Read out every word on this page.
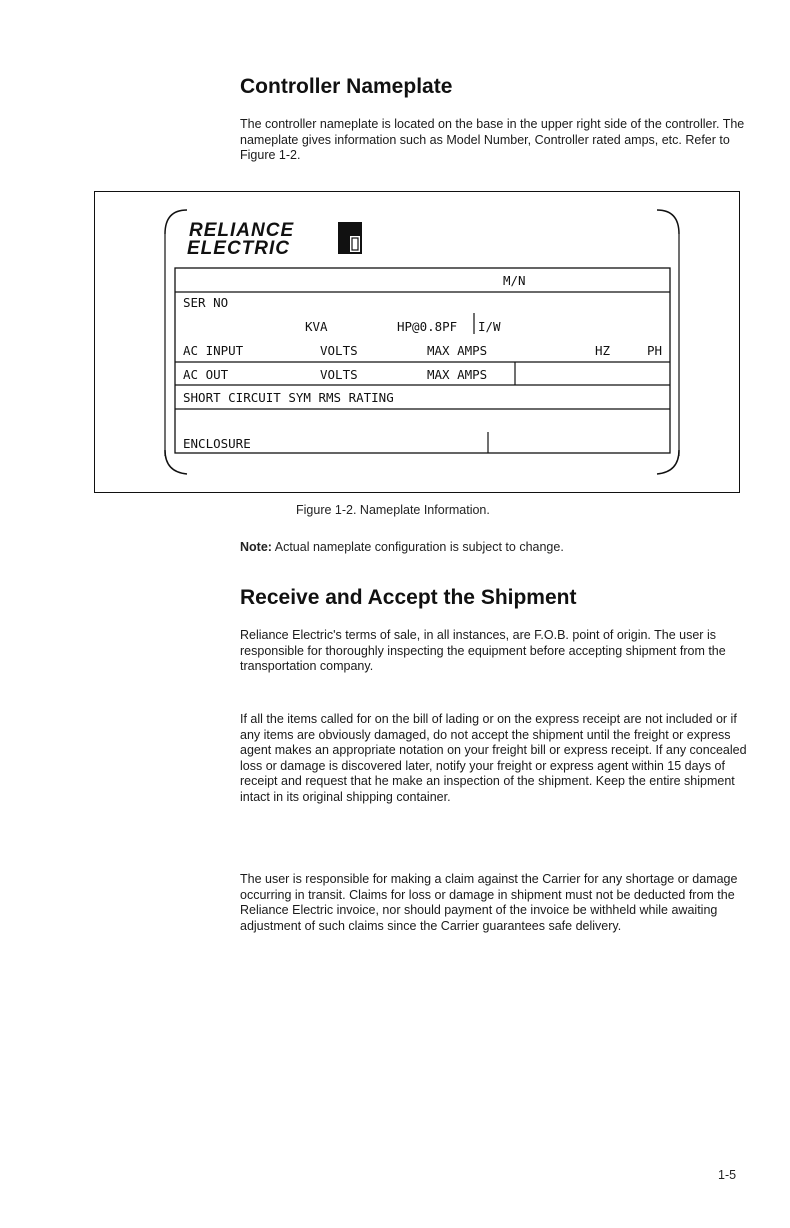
Controller Nameplate
The controller nameplate is located on the base in the upper right side of the controller. The nameplate gives information such as Model Number, Controller rated amps, etc. Refer to Figure 1-2.
RELIANCE
ELECTRIC
M/N
SER NO
KVA	HP@0.8PF I/W
AC INPUT	VOLTS	MAX AMPS	HZ	PH
AC OUT	VOLTS	MAX AMPS
SHORT CIRCUIT SYM RMS RATING
ENCLOSURE
Figure 1-2. Nameplate Information.
Note: Actual nameplate configuration is subject to change.
Receive and Accept the Shipment
Reliance Electric's terms of sale, in all instances, are F.O.B. point of origin. The user is responsible for thoroughly inspecting the equipment before accepting shipment from the transportation company.
If all the items called for on the bill of lading or on the express receipt are not included or if any items are obviously damaged, do not accept the shipment until the freight or express agent makes an appropriate notation on your freight bill or express receipt. If any concealed loss or damage is discovered later, notify your freight or express agent within 15 days of receipt and request that he make an inspection of the shipment. Keep the entire shipment intact in its original shipping container.
The user is responsible for making a claim against the Carrier for any shortage or damage occurring in transit. Claims for loss or damage in shipment must not be deducted from the Reliance Electric invoice, nor should payment of the invoice be withheld while awaiting adjustment of such claims since the Carrier guarantees safe delivery.
1-5
